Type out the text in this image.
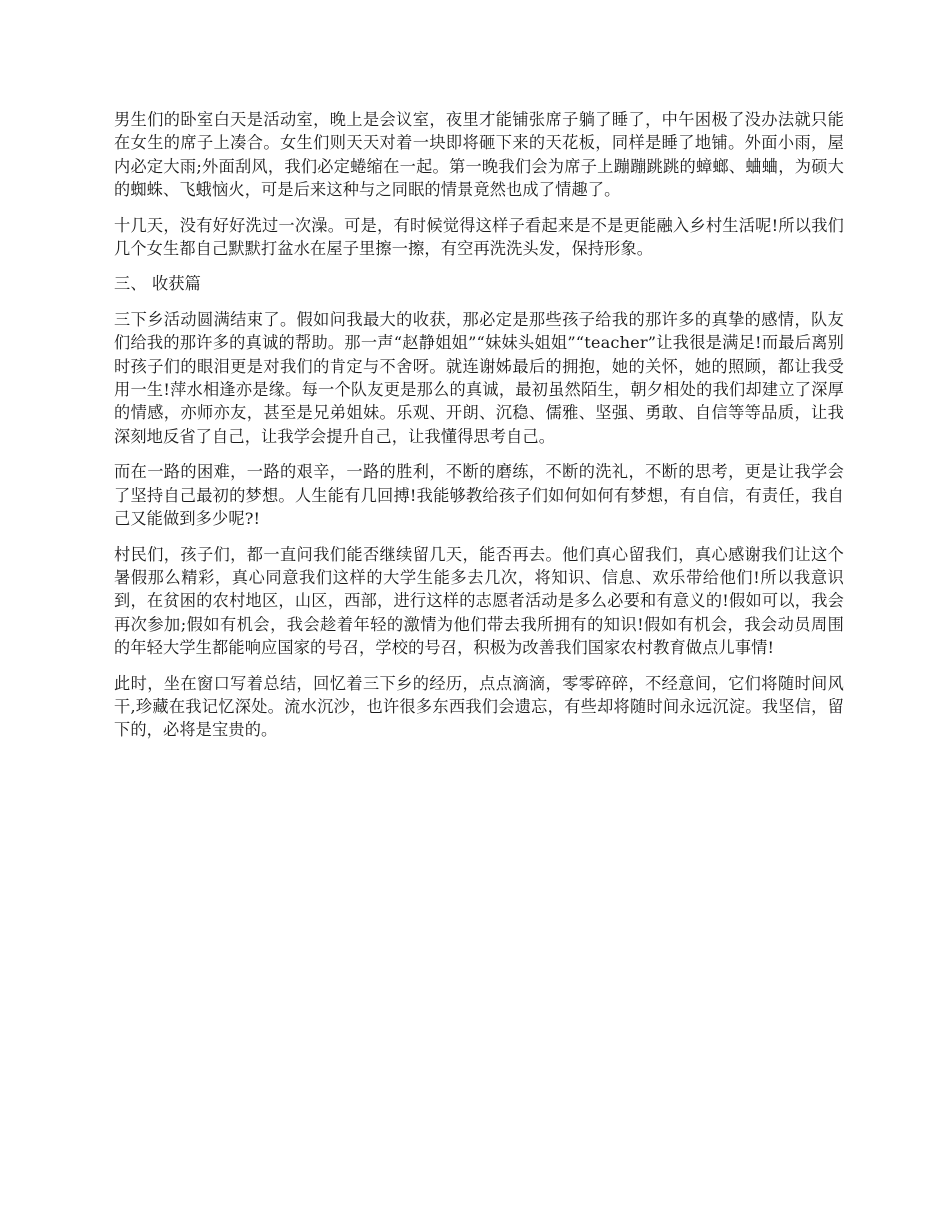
男生们的卧室白天是活动室，晚上是会议室，夜里才能铺张席子躺了睡了，中午困极了没办法就只能在女生的席子上凑合。女生们则天天对着一块即将砸下来的天花板，同样是睡了地铺。外面小雨，屋内必定大雨;外面刮风，我们必定蜷缩在一起。第一晚我们会为席子上蹦蹦跳跳的蟑螂、蛐蛐，为硕大的蜘蛛、飞蛾恼火，可是后来这种与之同眠的情景竟然也成了情趣了。

十几天，没有好好洗过一次澡。可是，有时候觉得这样子看起来是不是更能融入乡村生活呢!所以我们几个女生都自己默默打盆水在屋子里擦一擦，有空再洗洗头发，保持形象。

三、 收获篇

三下乡活动圆满结束了。假如问我最大的收获，那必定是那些孩子给我的那许多的真挚的感情，队友们给我的那许多的真诚的帮助。那一声“赵静姐姐”“妹妹头姐姐”“teacher”让我很是满足!而最后离别时孩子们的眼泪更是对我们的肯定与不舍呀。就连谢姊最后的拥抱，她的关怀，她的照顾，都让我受用一生!萍水相逢亦是缘。每一个队友更是那么的真诚，最初虽然陌生，朝夕相处的我们却建立了深厚的情感，亦师亦友，甚至是兄弟姐妹。乐观、开朗、沉稳、儒雅、坚强、勇敢、自信等等品质，让我深刻地反省了自己，让我学会提升自己，让我懂得思考自己。

而在一路的困难，一路的艰辛，一路的胜利，不断的磨练，不断的洗礼，不断的思考，更是让我学会了坚持自己最初的梦想。人生能有几回搏!我能够教给孩子们如何如何有梦想，有自信，有责任，我自己又能做到多少呢?!

村民们，孩子们，都一直问我们能否继续留几天，能否再去。他们真心留我们，真心感谢我们让这个暑假那么精彩，真心同意我们这样的大学生能多去几次，将知识、信息、欢乐带给他们!所以我意识到，在贫困的农村地区，山区，西部，进行这样的志愿者活动是多么必要和有意义的!假如可以，我会再次参加;假如有机会，我会趁着年轻的激情为他们带去我所拥有的知识!假如有机会，我会动员周围的年轻大学生都能响应国家的号召，学校的号召，积极为改善我们国家农村教育做点儿事情!

此时，坐在窗口写着总结，回忆着三下乡的经历，点点滴滴，零零碎碎，不经意间，它们将随时间风干,珍藏在我记忆深处。流水沉沙，也许很多东西我们会遗忘，有些却将随时间永远沉淀。我坚信，留下的，必将是宝贵的。
